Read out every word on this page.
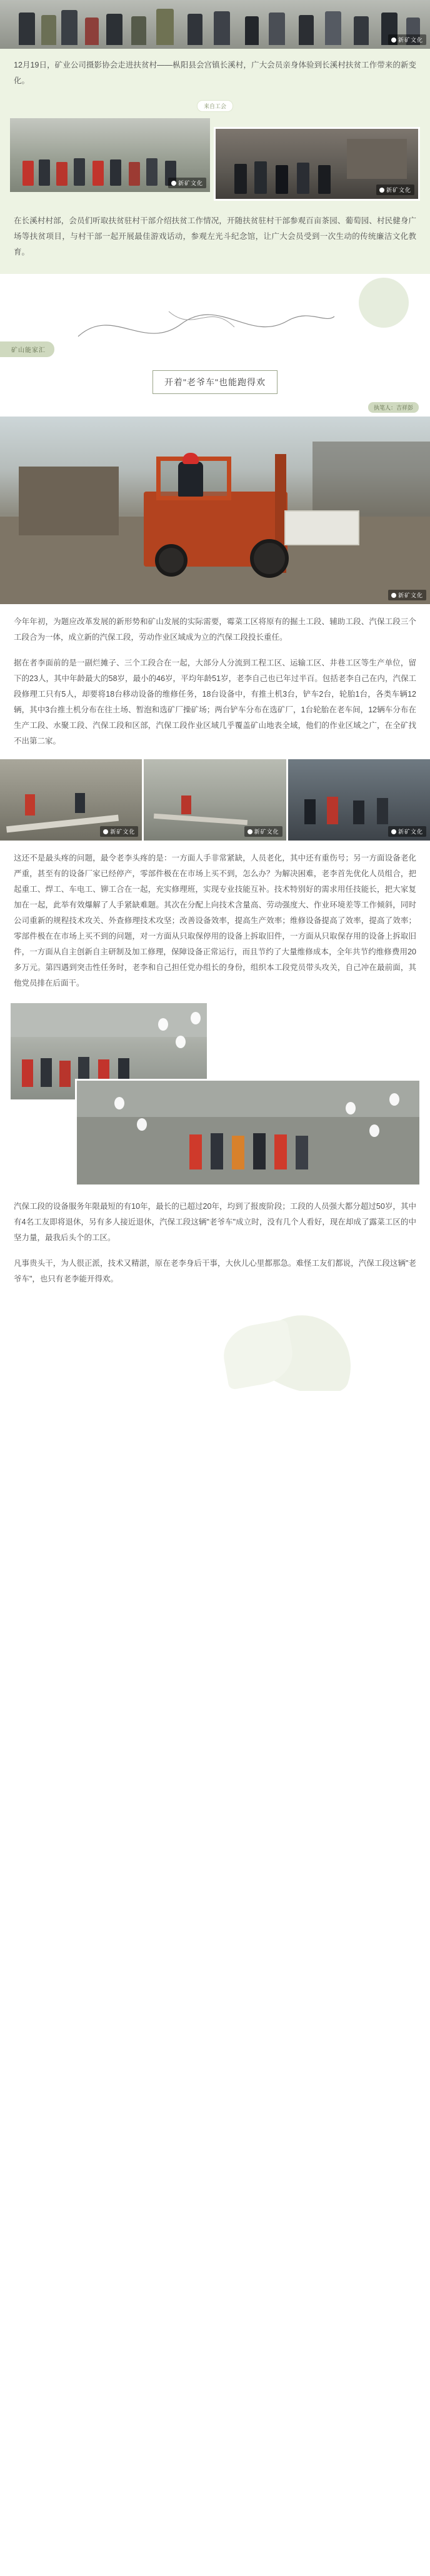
新矿文化
12月19日，矿业公司摄影协会走进扶贫村——枞阳县会宫镇长溪村，广大会员亲身体验到长溪村扶贫工作带来的新变化。
来自工会
新矿文化
新矿文化
在长溪村村部，会员们听取扶贫驻村干部介绍扶贫工作情况，开随扶贫驻村干部参观百亩茶园、葡萄园、村民健身广场等扶贫项目，与村干部一起开展最佳游戏话动，参观左光斗纪念馆，让广大会员受到一次生动的传统廉洁文化教育。
矿山能家汇
开着"老爷车"也能跑得欢
执笔人：吉祥彭
新矿文化
今年年初，为题应改革发展的新形势和矿山发展的实际需要，霉菜工区将原有的掘土工段、辅助工段、汽保工段三个工段合为一体，成立新的汽保工段，劳动作业区域成为立的汽保工段投长重任。
据在者李面前的是一副烂摊子、三个工段合在一起，大部分人分流到工程工区、运输工区、井巷工区等生产单位，留下的23人，其中年龄最大的58岁，最小的46岁，平均年龄51岁，老李自己也已年过半百。包括老李自己在内，汽保工段修理工只有5人，却要将18台移动设备的维修任务，18台设备中，有推土机3台，铲车2台，轮胎1台，各类车辆12辆，其中3台推土机分布在往土场、暂泡和选矿厂操矿场；两台铲车分布在选矿厂，1台轮胎在老车间，12辆车分布在生产工段、水聚工段、汽保工段和区部，汽保工段作业区域几乎覆盖矿山地表全域，他们的作业区域之广，在全矿找不出第二家。
新矿文化	新矿文化	新矿文化
这还不是最头疼的问题，最令老李头疼的是：一方面人手非常紧缺，人员老化，其中还有重伤号；另一方面设备老化严重，甚至有的设备厂家已经停产，零部件极在在市场上买不到，怎么办？为解决困难，老李首先优化人员组合，把起重工、焊工、车电工、铆工合在一起，充实修理班，实现专业技能互补。技术特别好的需求用任技能长，把大家复加在一起，此举有效爆解了人手紧缺难题。其次在分配上向技术含量高、劳动强度大、作业环境差等工作倾斜，同时公司重新的规程技术攻关、外查修理技术攻坚；改善设备效率，提高生产效率；维修设备提高了效率，提高了效率；零部件极在在市场上买不到的问题，对一方面从只取保停用的设备上拆取旧件，一方面从只取保存用的设备上拆取旧件，一方面从自主创新自主研制及加工修理，保障设备正常运行，而且节约了大量维修成本，全年共节约维修费用20多万元。第四遇到突击性任务时，老李和自己担任党办组长的身份，组织本工段党员带头攻关，自己冲在最前面，其他党员排在后面干。
汽保工段的设备服务年限最短的有10年，最长的已超过20年，均到了报废阶段；工段的人员强大都分超过50岁，其中有4名工友即将退休，另有多人接近退休，汽保工段这辆"老爷车"成立时，没有几个人看好，现在却成了露菜工区的中坚力量，最我后头个的工区。
凡事贵头干，为人很正派，技术又精湛，原在老李身后干事，大伙儿心里都那急。难怪工友们都说，汽保工段这辆"老爷车"，也只有老李能开得欢。
